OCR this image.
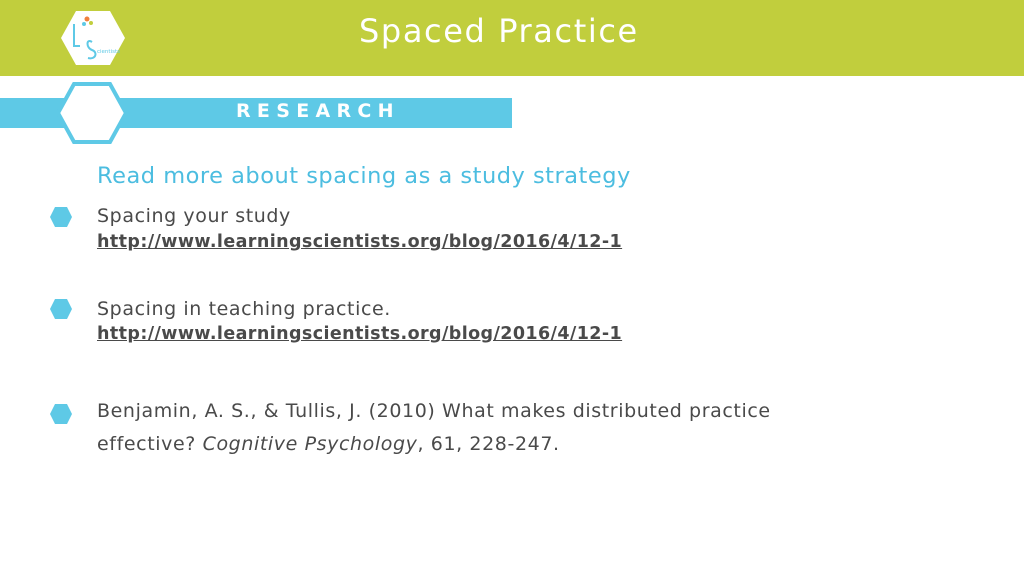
cientists
Spaced Practice
RESEARCH
Read more about spacing as a study strategy
Spacing your study
http://www.learningscientists.org/blog/2016/4/12-1
Spacing in teaching practice.
http://www.learningscientists.org/blog/2016/4/12-1
Benjamin, A. S., & Tullis, J. (2010) What makes distributed practice
effective? Cognitive Psychology, 61, 228-247.
